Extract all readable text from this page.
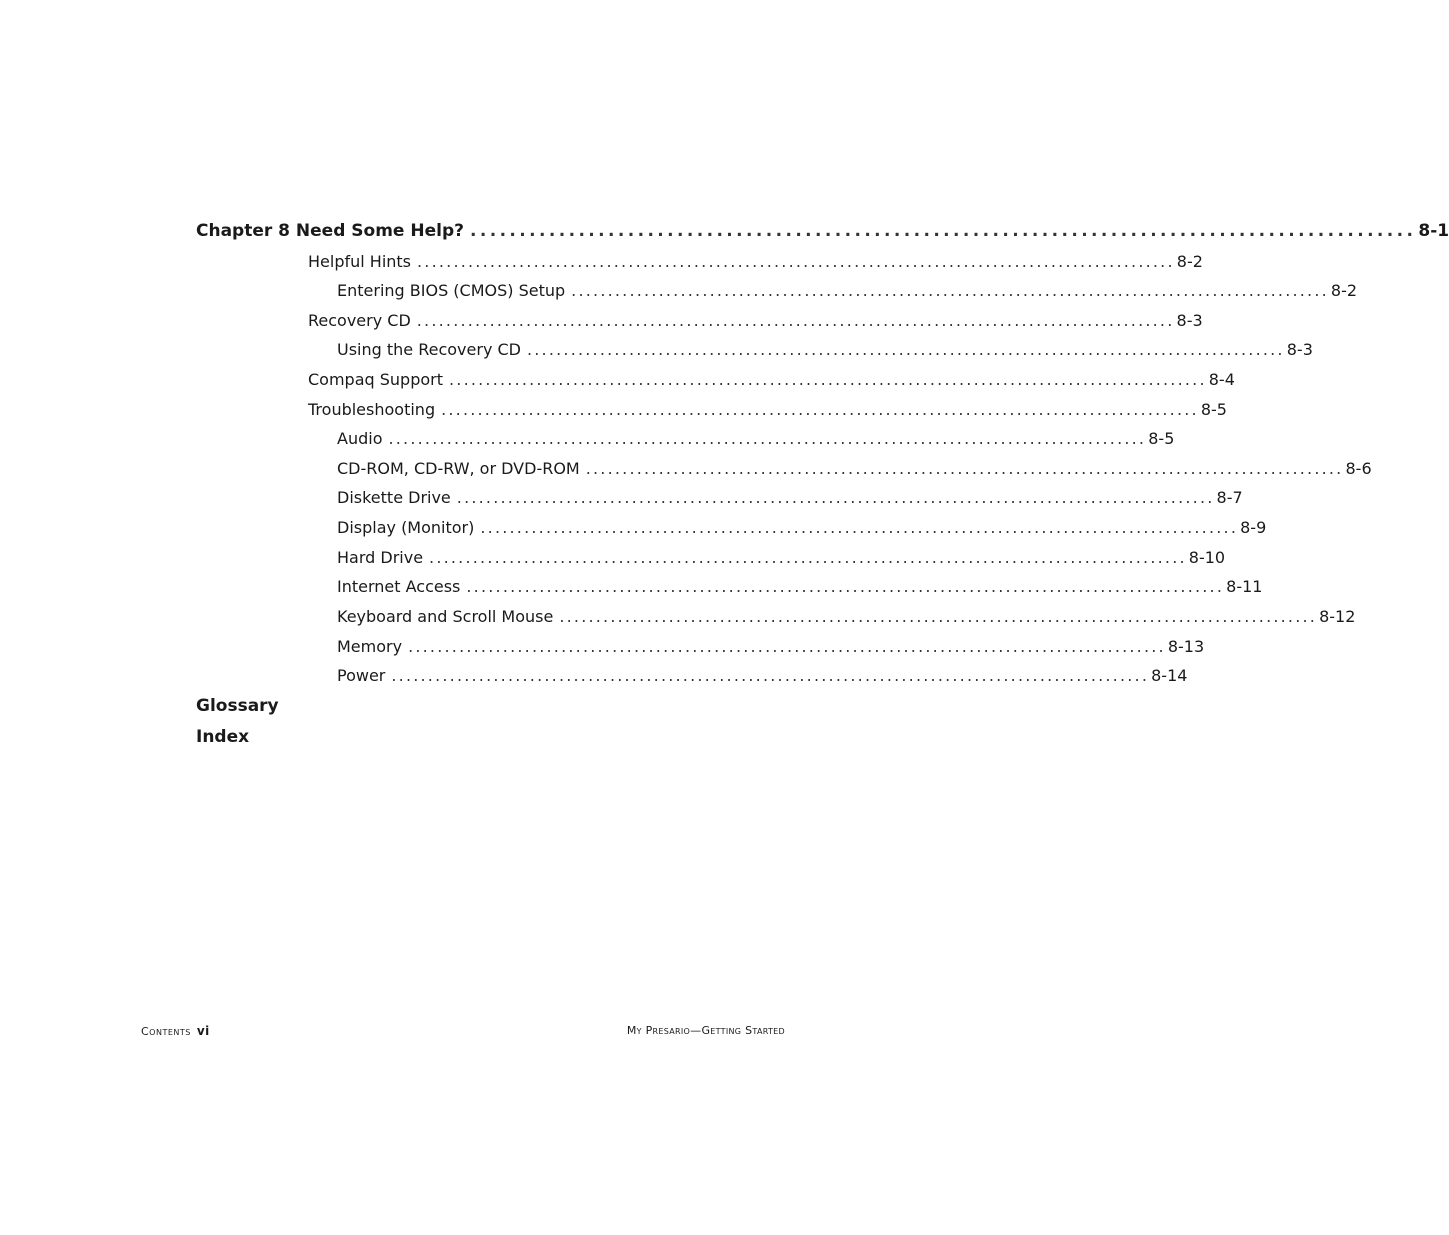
Chapter 8 Need Some Help? ................................................................................................ 8-1
Helpful Hints ........................................................................................................ 8-2
Entering BIOS (CMOS) Setup ........................................................................................................ 8-2
Recovery CD ........................................................................................................ 8-3
Using the Recovery CD ........................................................................................................ 8-3
Compaq Support ........................................................................................................ 8-4
Troubleshooting ........................................................................................................ 8-5
Audio ........................................................................................................ 8-5
CD-ROM, CD-RW, or DVD-ROM ........................................................................................................ 8-6
Diskette Drive ........................................................................................................ 8-7
Display (Monitor) ........................................................................................................ 8-9
Hard Drive ........................................................................................................ 8-10
Internet Access ........................................................................................................ 8-11
Keyboard and Scroll Mouse ........................................................................................................ 8-12
Memory ........................................................................................................ 8-13
Power ........................................................................................................ 8-14
Glossary
Index
Contents vi	My Presario—Getting Started
